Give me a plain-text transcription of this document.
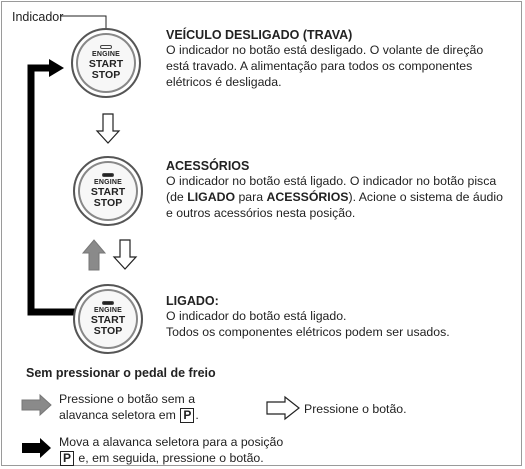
Indicador
ENGINE
START
STOP
ENGINE
START
STOP
ENGINE
START
STOP
VEÍCULO DESLIGADO (TRAVA)
O indicador no botão está desligado. O volante de direção
está travado. A alimentação para todos os componentes
elétricos é desligada.
ACESSÓRIOS
O indicador no botão está ligado. O indicador no botão pisca
(de LIGADO para ACESSÓRIOS). Acione o sistema de áudio
e outros acessórios nesta posição.
LIGADO:
O indicador do botão está ligado.
Todos os componentes elétricos podem ser usados.
Sem pressionar o pedal de freio
Pressione o botão sem a
alavanca seletora em P .	Pressione o botão.
Mova a alavanca seletora para a posição
P e, em seguida, pressione o botão.
